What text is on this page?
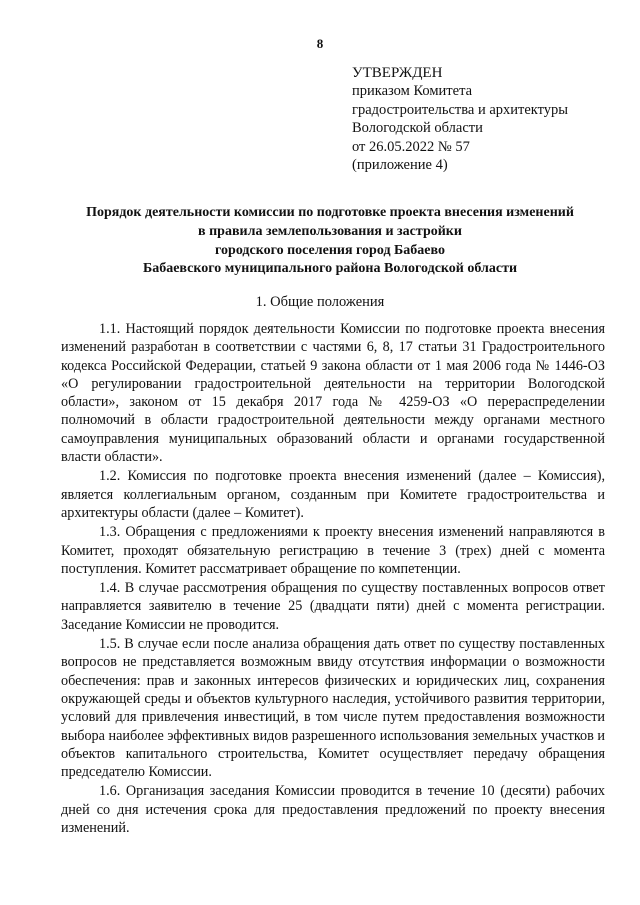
8
УТВЕРЖДЕН
приказом Комитета
градостроительства и архитектуры
Вологодской области
от 26.05.2022 № 57
(приложение 4)
Порядок деятельности комиссии по подготовке проекта внесения изменений
в правила землепользования и застройки
городского поселения город Бабаево
Бабаевского муниципального района Вологодской области
1. Общие положения

1.1. Настоящий порядок деятельности Комиссии по подготовке проекта внесения изменений разработан в соответствии с частями 6, 8, 17 статьи 31 Градостроительного кодекса Российской Федерации, статьей 9 закона области от 1 мая 2006 года № 1446-ОЗ «О регулировании градостроительной деятельности на территории Вологодской области», законом от 15 декабря 2017 года № 4259-ОЗ «О перераспределении полномочий в области градостроительной деятельности между органами местного самоуправления муниципальных образований области и органами государственной власти области».

1.2. Комиссия по подготовке проекта внесения изменений (далее – Комиссия), является коллегиальным органом, созданным при Комитете градостроительства и архитектуры области (далее – Комитет).

1.3. Обращения с предложениями к проекту внесения изменений направляются в Комитет, проходят обязательную регистрацию в течение 3 (трех) дней с момента поступления. Комитет рассматривает обращение по компетенции.

1.4. В случае рассмотрения обращения по существу поставленных вопросов ответ направляется заявителю в течение 25 (двадцати пяти) дней с момента регистрации. Заседание Комиссии не проводится.

1.5. В случае если после анализа обращения дать ответ по существу поставленных вопросов не представляется возможным ввиду отсутствия информации о возможности обеспечения: прав и законных интересов физических и юридических лиц, сохранения окружающей среды и объектов культурного наследия, устойчивого развития территории, условий для привлечения инвестиций, в том числе путем предоставления возможности выбора наиболее эффективных видов разрешенного использования земельных участков и объектов капитального строительства, Комитет осуществляет передачу обращения председателю Комиссии.

1.6. Организация заседания Комиссии проводится в течение 10 (десяти) рабочих дней со дня истечения срока для предоставления предложений по проекту внесения изменений.
